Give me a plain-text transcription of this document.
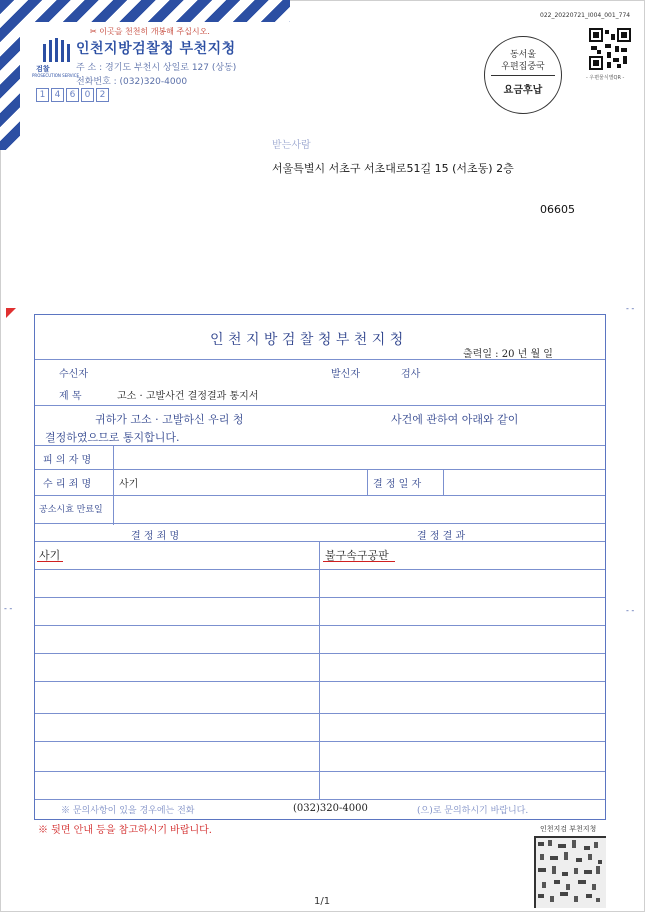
검찰
PROSECUTION SERVICE
✂ 이곳을 천천히 개봉해 주십시오.
인천지방검찰청 부천지청
주 소 : 경기도 부천시 상일로 127 (상동)
전화번호 : (032)320-4000
1	4	6	0	2
022_20220721_I004_001_774
동서울
우편집중국
요금후납
- 우편물식별QR -
받는사람
서울특별시 서초구 서초대로51길 15 (서초동) 2층
06605
- -
- -	- -
인 천 지 방 검 찰 청 부 천 지 청
출력일 : 20 년 월 일
수신자	발신자	검사
제 목	고소 · 고발사건 결정결과 통지서
귀하가 고소 · 고발하신 우리 청	사건에 관하여 아래와 같이
결정하였으므로 통지합니다.
피 의 자 명
수 리 죄 명	사기	결 정 일 자
공소시효 만료일
결 정 죄 명	결 정 결 과
사기	불구속구공판
※ 문의사항이 있을 경우에는 전화	(032)320-4000	(으)로 문의하시기 바랍니다.
※ 뒷면 안내 등을 참고하시기 바랍니다.	인천지검 부천지청
1/1
